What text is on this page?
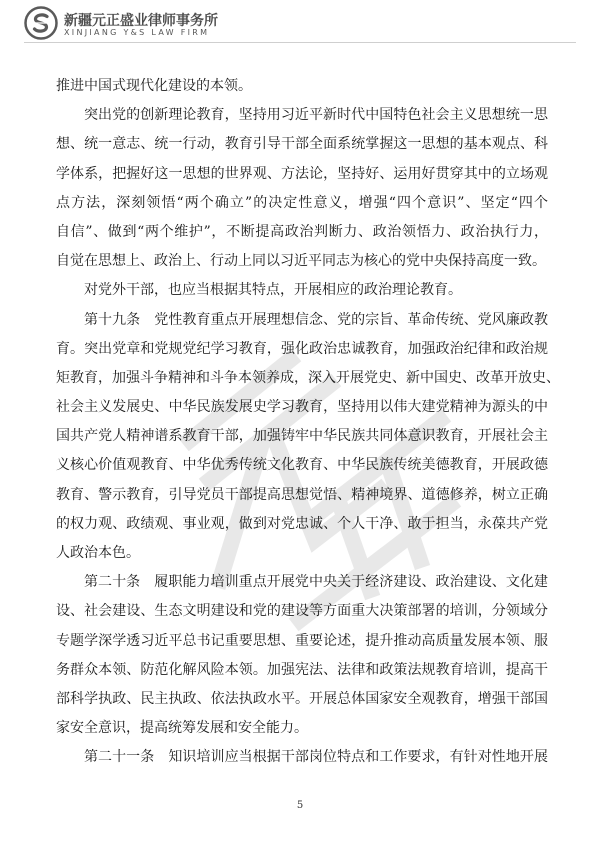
新疆元正盛业律师事务所
XINJIANG Y&S LAW FIRM
推进中国式现代化建设的本领。
突出党的创新理论教育，坚持用习近平新时代中国特色社会主义思想统一思
想、统一意志、统一行动，教育引导干部全面系统掌握这一思想的基本观点、科
学体系，把握好这一思想的世界观、方法论，坚持好、运用好贯穿其中的立场观
点方法，深刻领悟“两个确立”的决定性意义，增强“四个意识”、坚定“四个
自信”、做到“两个维护”，不断提高政治判断力、政治领悟力、政治执行力，
自觉在思想上、政治上、行动上同以习近平同志为核心的党中央保持高度一致。
对党外干部，也应当根据其特点，开展相应的政治理论教育。
第十九条　党性教育重点开展理想信念、党的宗旨、革命传统、党风廉政教
育。突出党章和党规党纪学习教育，强化政治忠诚教育，加强政治纪律和政治规
矩教育，加强斗争精神和斗争本领养成，深入开展党史、新中国史、改革开放史、
社会主义发展史、中华民族发展史学习教育，坚持用以伟大建党精神为源头的中
国共产党人精神谱系教育干部，加强铸牢中华民族共同体意识教育，开展社会主
义核心价值观教育、中华优秀传统文化教育、中华民族传统美德教育，开展政德
教育、警示教育，引导党员干部提高思想觉悟、精神境界、道德修养，树立正确
的权力观、政绩观、事业观，做到对党忠诚、个人干净、敢于担当，永葆共产党
人政治本色。
第二十条　履职能力培训重点开展党中央关于经济建设、政治建设、文化建
设、社会建设、生态文明建设和党的建设等方面重大决策部署的培训，分领域分
专题学深学透习近平总书记重要思想、重要论述，提升推动高质量发展本领、服
务群众本领、防范化解风险本领。加强宪法、法律和政策法规教育培训，提高干
部科学执政、民主执政、依法执政水平。开展总体国家安全观教育，增强干部国
家安全意识，提高统筹发展和安全能力。
第二十一条　知识培训应当根据干部岗位特点和工作要求，有针对性地开展
5
